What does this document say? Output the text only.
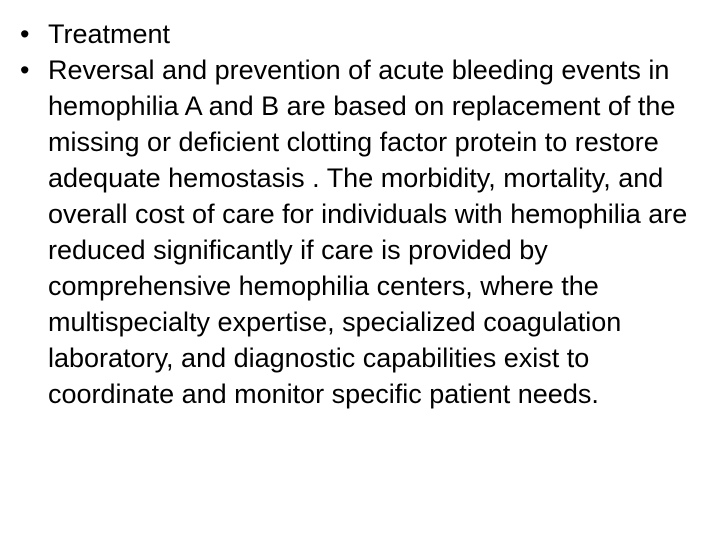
• Treatment
• Reversal and prevention of acute bleeding events in hemophilia A and B are based on replacement of the missing or deficient clotting factor protein to restore adequate hemostasis . The morbidity, mortality, and overall cost of care for individuals with hemophilia are reduced significantly if care is provided by comprehensive hemophilia centers, where the multispecialty expertise, specialized coagulation laboratory, and diagnostic capabilities exist to coordinate and monitor specific patient needs.
